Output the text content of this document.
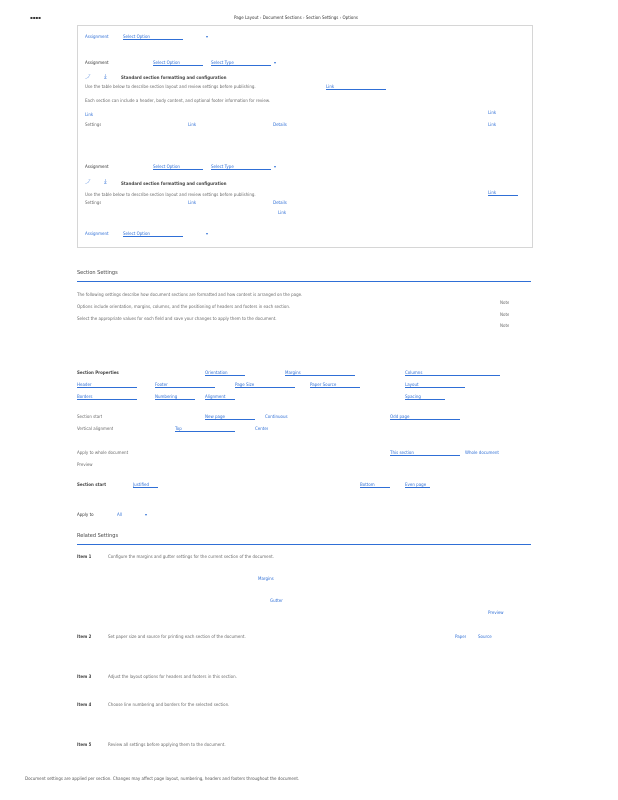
▪▪▪▪	Page Layout › Document Sections › Section Settings › Options
Assignment	Select Option	▾
Assignment	Select Option	Select Type	▾
⤴ ⤓	Standard section formatting and configuration
Use the table below to describe section layout and review settings before publishing.	Link
Each section can include a header, body content, and optional footer information for review.
Link	Link
Settings	Link	Details	Link
Assignment	Select Option	Select Type	▾
⤴ ⤓	Standard section formatting and configuration
Use the table below to describe section layout and review settings before publishing.	Link
Settings	Link	Details
Link
Assignment	Select Option	▾
Section Settings
The following settings describe how document sections are formatted and how content is arranged on the page.
Options include orientation, margins, columns, and the positioning of headers and footers in each section.
Select the appropriate values for each field and save your changes to apply them to the document.
Note
Note
Note
Section Properties	Orientation	Margins	Columns
Header	Footer	Page Size	Paper Source	Layout
Borders	Numbering	Alignment	Spacing
Section start	New page	Continuous	Odd page
Vertical alignment	Top	Center
Apply to whole document	This section
Preview
Whole document
Section start	Justified	Bottom	Even page
Apply to	All	▾
Related Settings
Item 1	Configure the margins and gutter settings for the current section of the document.
Margins
Gutter
Preview
Item 2	Set paper size and source for printing each section of the document.	Paper	Source
Item 3	Adjust the layout options for headers and footers in this section.
Item 4	Choose line numbering and borders for the selected section.
Item 5	Review all settings before applying them to the document.
Document settings are applied per section. Changes may affect page layout, numbering, headers and footers throughout the document.
